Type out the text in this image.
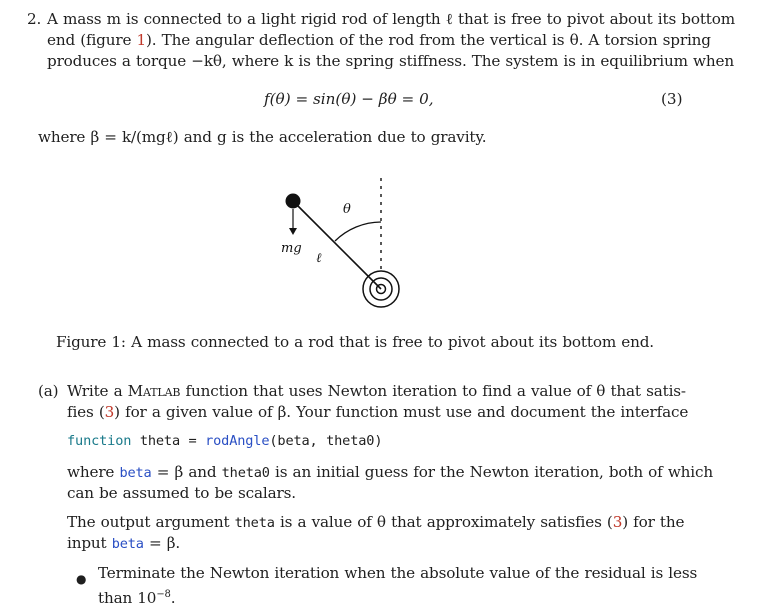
2. A mass m is connected to a light rigid rod of length ℓ that is free to pivot about its bottom
end (figure 1). The angular deflection of the rod from the vertical is θ. A torsion spring
produces a torque −kθ, where k is the spring stiffness. The system is in equilibrium when
f(θ) = sin(θ) − βθ = 0,	(3)
where β = k/(mgℓ) and g is the acceleration due to gravity.
mg
ℓ
θ
Figure 1: A mass connected to a rod that is free to pivot about its bottom end.
(a) Write a Matlab function that uses Newton iteration to find a value of θ that satis-
fies (3) for a given value of β. Your function must use and document the interface
function theta = rodAngle(beta, theta0)
where beta = β and theta0 is an initial guess for the Newton iteration, both of which
can be assumed to be scalars.
The output argument theta is a value of θ that approximately satisfies (3) for the
input beta = β.
● Terminate the Newton iteration when the absolute value of the residual is less
than $10^{-8}$.
